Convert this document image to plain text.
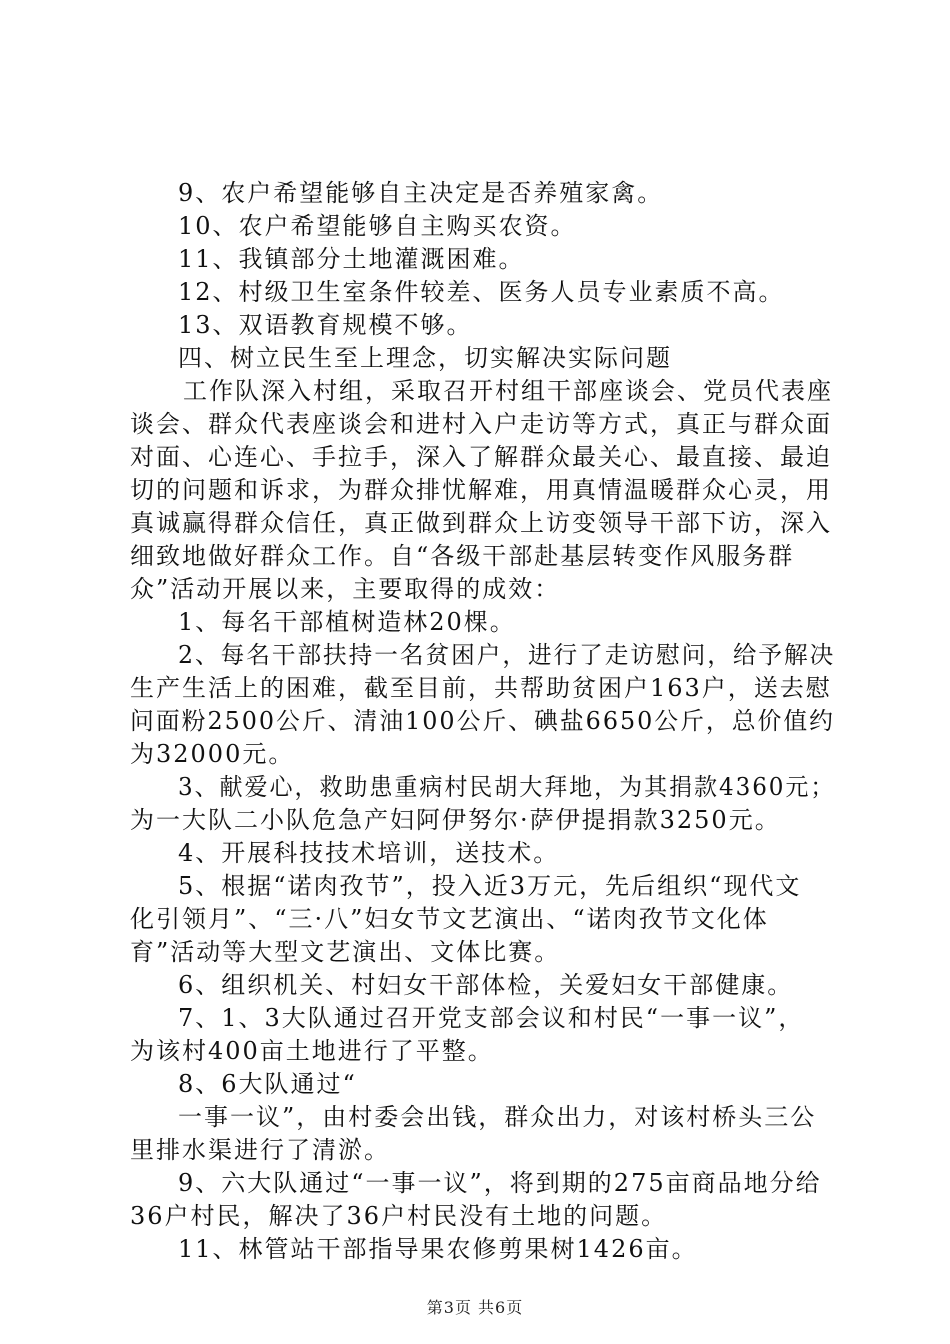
9、农户希望能够自主决定是否养殖家禽。
10、农户希望能够自主购买农资。
11、我镇部分土地灌溉困难。
12、村级卫生室条件较差、医务人员专业素质不高。
13、双语教育规模不够。
四、树立民生至上理念，切实解决实际问题
工作队深入村组，采取召开村组干部座谈会、党员代表座
谈会、群众代表座谈会和进村入户走访等方式，真正与群众面
对面、心连心、手拉手，深入了解群众最关心、最直接、最迫
切的问题和诉求，为群众排忧解难，用真情温暖群众心灵，用
真诚赢得群众信任，真正做到群众上访变领导干部下访，深入
细致地做好群众工作。自“各级干部赴基层转变作风服务群
众”活动开展以来，主要取得的成效：
1、每名干部植树造林20棵。
2、每名干部扶持一名贫困户，进行了走访慰问，给予解决
生产生活上的困难，截至目前，共帮助贫困户163户，送去慰
问面粉2500公斤、清油100公斤、碘盐6650公斤，总价值约
为32000元。
3、献爱心，救助患重病村民胡大拜地，为其捐款4360元；
为一大队二小队危急产妇阿伊努尔·萨伊提捐款3250元。
4、开展科技技术培训，送技术。
5、根据“诺肉孜节”，投入近3万元，先后组织“现代文
化引领月”、“三·八”妇女节文艺演出、“诺肉孜节文化体
育”活动等大型文艺演出、文体比赛。
6、组织机关、村妇女干部体检，关爱妇女干部健康。
7、1、3大队通过召开党支部会议和村民“一事一议”，
为该村400亩土地进行了平整。
8、6大队通过“
一事一议”，由村委会出钱，群众出力，对该村桥头三公
里排水渠进行了清淤。
9、六大队通过“一事一议”，将到期的275亩商品地分给
36户村民，解决了36户村民没有土地的问题。
11、林管站干部指导果农修剪果树1426亩。
第3页 共6页
